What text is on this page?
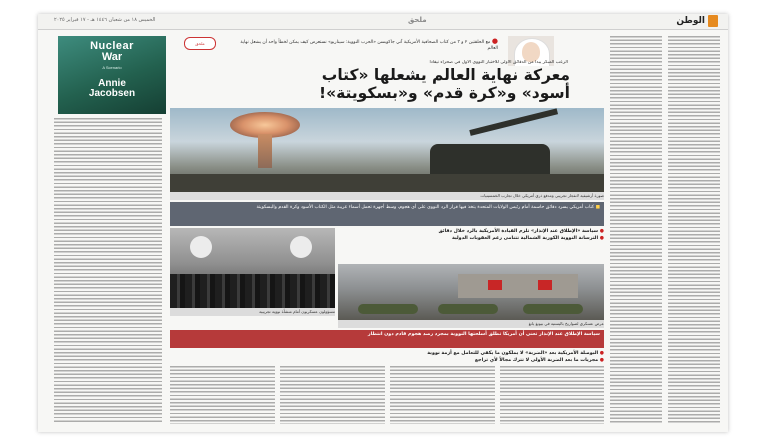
الخميس ١٨ من شعبان ١٤٤٦ هـ - ١٧ فبراير ٢٠٢٥	ملحق	الوطن
Nuclear
War
A Scenario
Annie
Jacobsen
ملحق	● مع الحلقتين ٢ و ٣ من كتاب الصحافية الأمريكية آني جاكوبسن «الحرب النووية: سيناريو» نستعرض كيف يمكن لخطأ واحد أن يشعل نهاية العالم
الرعب المبكر يبدأ من الدقائق الأولى للاختبار النووي الأول في صحراء نيفادا
معركة نهاية العالم يشعلها «كتاب
أسود» و«كرة قدم» و«بسكويتة»!
صورة أرشيفية لانفجار تجريبي ومدفع ذري أمريكي خلال تجارب الخمسينيات
■ كتاب أمريكي يسرد دقائق حاسمة أمام رئيس الولايات المتحدة يتخذ فيها قرار الرد النووي على أي هجوم، وسط أجهزة تحمل أسماء غريبة مثل الكتاب الأسود وكرة القدم والبسكويتة
مسؤولون عسكريون أمام منشأة نووية تجريبية
● سياسة «الإطلاق عند الإنذار» تلزم القيادة الأمريكية بالرد خلال دقائق
● الترسانة النووية الكورية الشمالية تتنامى رغم العقوبات الدولية
عرض عسكري لصواريخ باليستية في بيونغ يانغ
سياسة الإطلاق عند الإنذار تعني أن أمريكا تطلق أسلحتها النووية بمجرد رصد هجوم قادم دون انتظار
● البوصلة الأمريكية بعد «الضربة» لا يملكون ما يكفي للتعامل مع أزمة نووية
● مجريات ما بعد الضربة الأولى لا تترك مجالاً لأي تراجع
